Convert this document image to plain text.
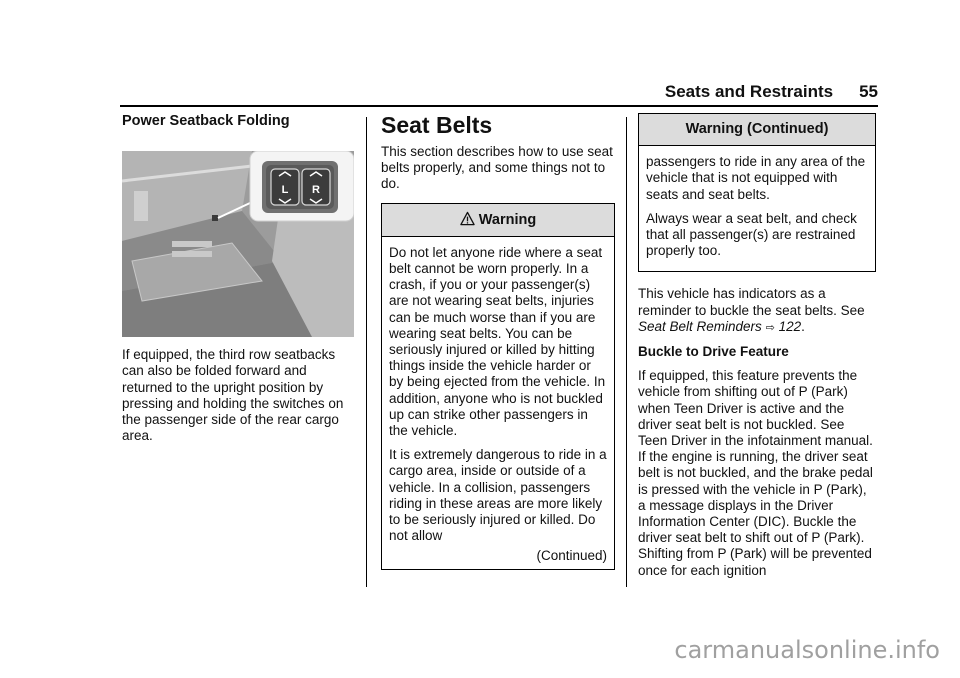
Seats and Restraints 55
Power Seatback Folding
L R

If equipped, the third row seatbacks can also be folded forward and returned to the upright position by pressing and holding the switches on the passenger side of the rear cargo area.

Seat Belts

This section describes how to use seat belts properly, and some things not to do.

Warning

Do not let anyone ride where a seat belt cannot be worn properly. In a crash, if you or your passenger(s) are not wearing seat belts, injuries can be much worse than if you are wearing seat belts. You can be seriously injured or killed by hitting things inside the vehicle harder or by being ejected from the vehicle. In addition, anyone who is not buckled up can strike other passengers in the vehicle.

It is extremely dangerous to ride in a cargo area, inside or outside of a vehicle. In a collision, passengers riding in these areas are more likely to be seriously injured or killed. Do not allow

(Continued)
Warning (Continued)

passengers to ride in any area of the vehicle that is not equipped with seats and seat belts.

Always wear a seat belt, and check that all passenger(s) are restrained properly too.

This vehicle has indicators as a reminder to buckle the seat belts. See Seat Belt Reminders ⇨ 122.

Buckle to Drive Feature

If equipped, this feature prevents the vehicle from shifting out of P (Park) when Teen Driver is active and the driver seat belt is not buckled. See Teen Driver in the infotainment manual. If the engine is running, the driver seat belt is not buckled, and the brake pedal is pressed with the vehicle in P (Park), a message displays in the Driver Information Center (DIC). Buckle the driver seat belt to shift out of P (Park). Shifting from P (Park) will be prevented once for each ignition

carmanualsonline.info
